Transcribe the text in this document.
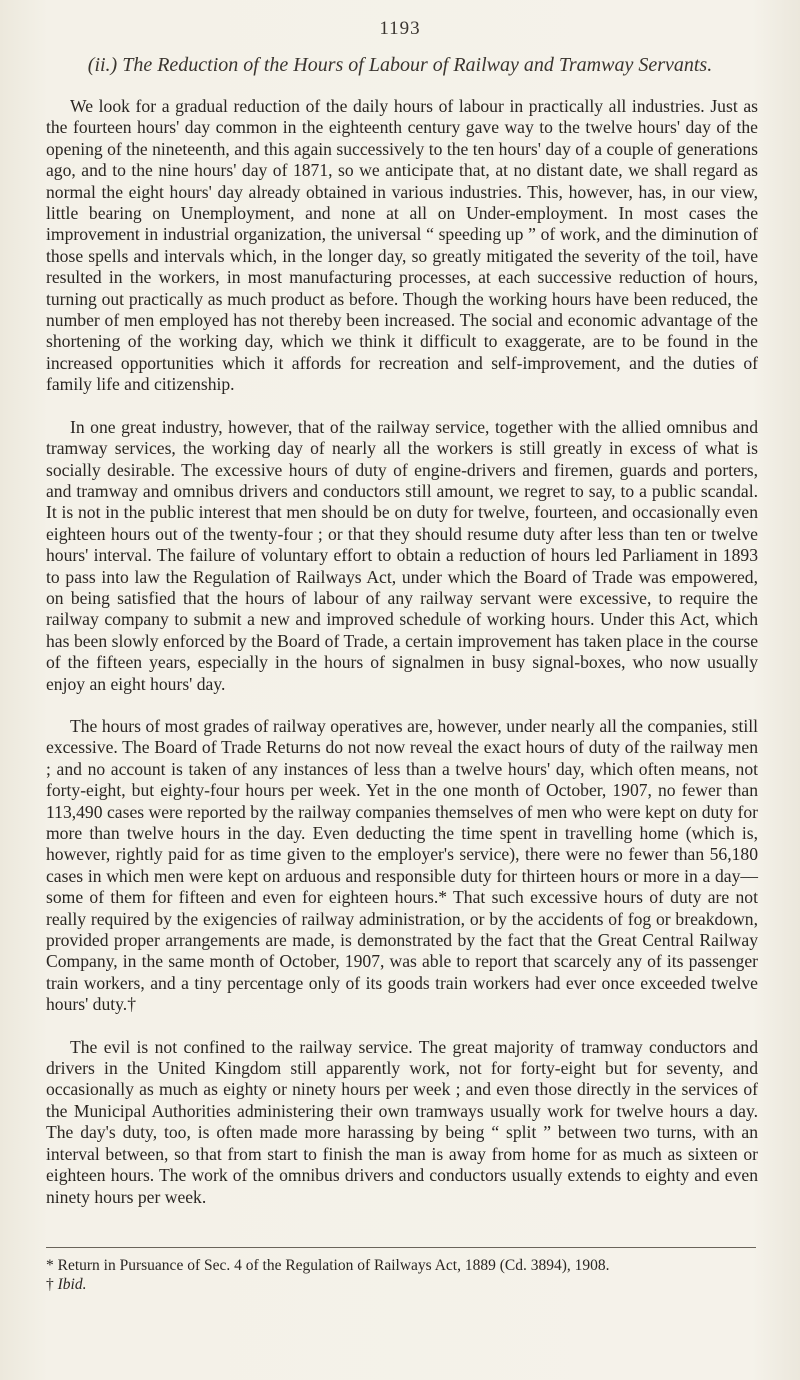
1193
(ii.) The Reduction of the Hours of Labour of Railway and Tramway Servants.

We look for a gradual reduction of the daily hours of labour in practically all industries. Just as the fourteen hours' day common in the eighteenth century gave way to the twelve hours' day of the opening of the nineteenth, and this again successively to the ten hours' day of a couple of generations ago, and to the nine hours' day of 1871, so we anticipate that, at no distant date, we shall regard as normal the eight hours' day already obtained in various industries. This, however, has, in our view, little bearing on Unemployment, and none at all on Under-employment. In most cases the improvement in industrial organization, the universal “ speeding up ” of work, and the diminution of those spells and intervals which, in the longer day, so greatly mitigated the severity of the toil, have resulted in the workers, in most manufacturing processes, at each successive reduction of hours, turning out practically as much product as before. Though the working hours have been reduced, the number of men employed has not thereby been increased. The social and economic advantage of the shortening of the working day, which we think it difficult to exaggerate, are to be found in the increased opportunities which it affords for recreation and self-improvement, and the duties of family life and citizenship.

In one great industry, however, that of the railway service, together with the allied omnibus and tramway services, the working day of nearly all the workers is still greatly in excess of what is socially desirable. The excessive hours of duty of engine-drivers and firemen, guards and porters, and tramway and omnibus drivers and conductors still amount, we regret to say, to a public scandal. It is not in the public interest that men should be on duty for twelve, fourteen, and occasionally even eighteen hours out of the twenty-four ; or that they should resume duty after less than ten or twelve hours' interval. The failure of voluntary effort to obtain a reduction of hours led Parliament in 1893 to pass into law the Regulation of Railways Act, under which the Board of Trade was empowered, on being satisfied that the hours of labour of any railway servant were excessive, to require the railway company to submit a new and improved schedule of working hours. Under this Act, which has been slowly enforced by the Board of Trade, a certain improvement has taken place in the course of the fifteen years, especially in the hours of signalmen in busy signal-boxes, who now usually enjoy an eight hours' day.

The hours of most grades of railway operatives are, however, under nearly all the companies, still excessive. The Board of Trade Returns do not now reveal the exact hours of duty of the railway men ; and no account is taken of any instances of less than a twelve hours' day, which often means, not forty-eight, but eighty-four hours per week. Yet in the one month of October, 1907, no fewer than 113,490 cases were reported by the railway companies themselves of men who were kept on duty for more than twelve hours in the day. Even deducting the time spent in travelling home (which is, however, rightly paid for as time given to the employer's service), there were no fewer than 56,180 cases in which men were kept on arduous and responsible duty for thirteen hours or more in a day— some of them for fifteen and even for eighteen hours.* That such excessive hours of duty are not really required by the exigencies of railway administration, or by the accidents of fog or breakdown, provided proper arrangements are made, is demonstrated by the fact that the Great Central Railway Company, in the same month of October, 1907, was able to report that scarcely any of its passenger train workers, and a tiny percentage only of its goods train workers had ever once exceeded twelve hours' duty.†

The evil is not confined to the railway service. The great majority of tramway conductors and drivers in the United Kingdom still apparently work, not for forty-eight but for seventy, and occasionally as much as eighty or ninety hours per week ; and even those directly in the services of the Municipal Authorities administering their own tramways usually work for twelve hours a day. The day's duty, too, is often made more harassing by being “ split ” between two turns, with an interval between, so that from start to finish the man is away from home for as much as sixteen or eighteen hours. The work of the omnibus drivers and conductors usually extends to eighty and even ninety hours per week.

* Return in Pursuance of Sec. 4 of the Regulation of Railways Act, 1889 (Cd. 3894), 1908.

† Ibid.
